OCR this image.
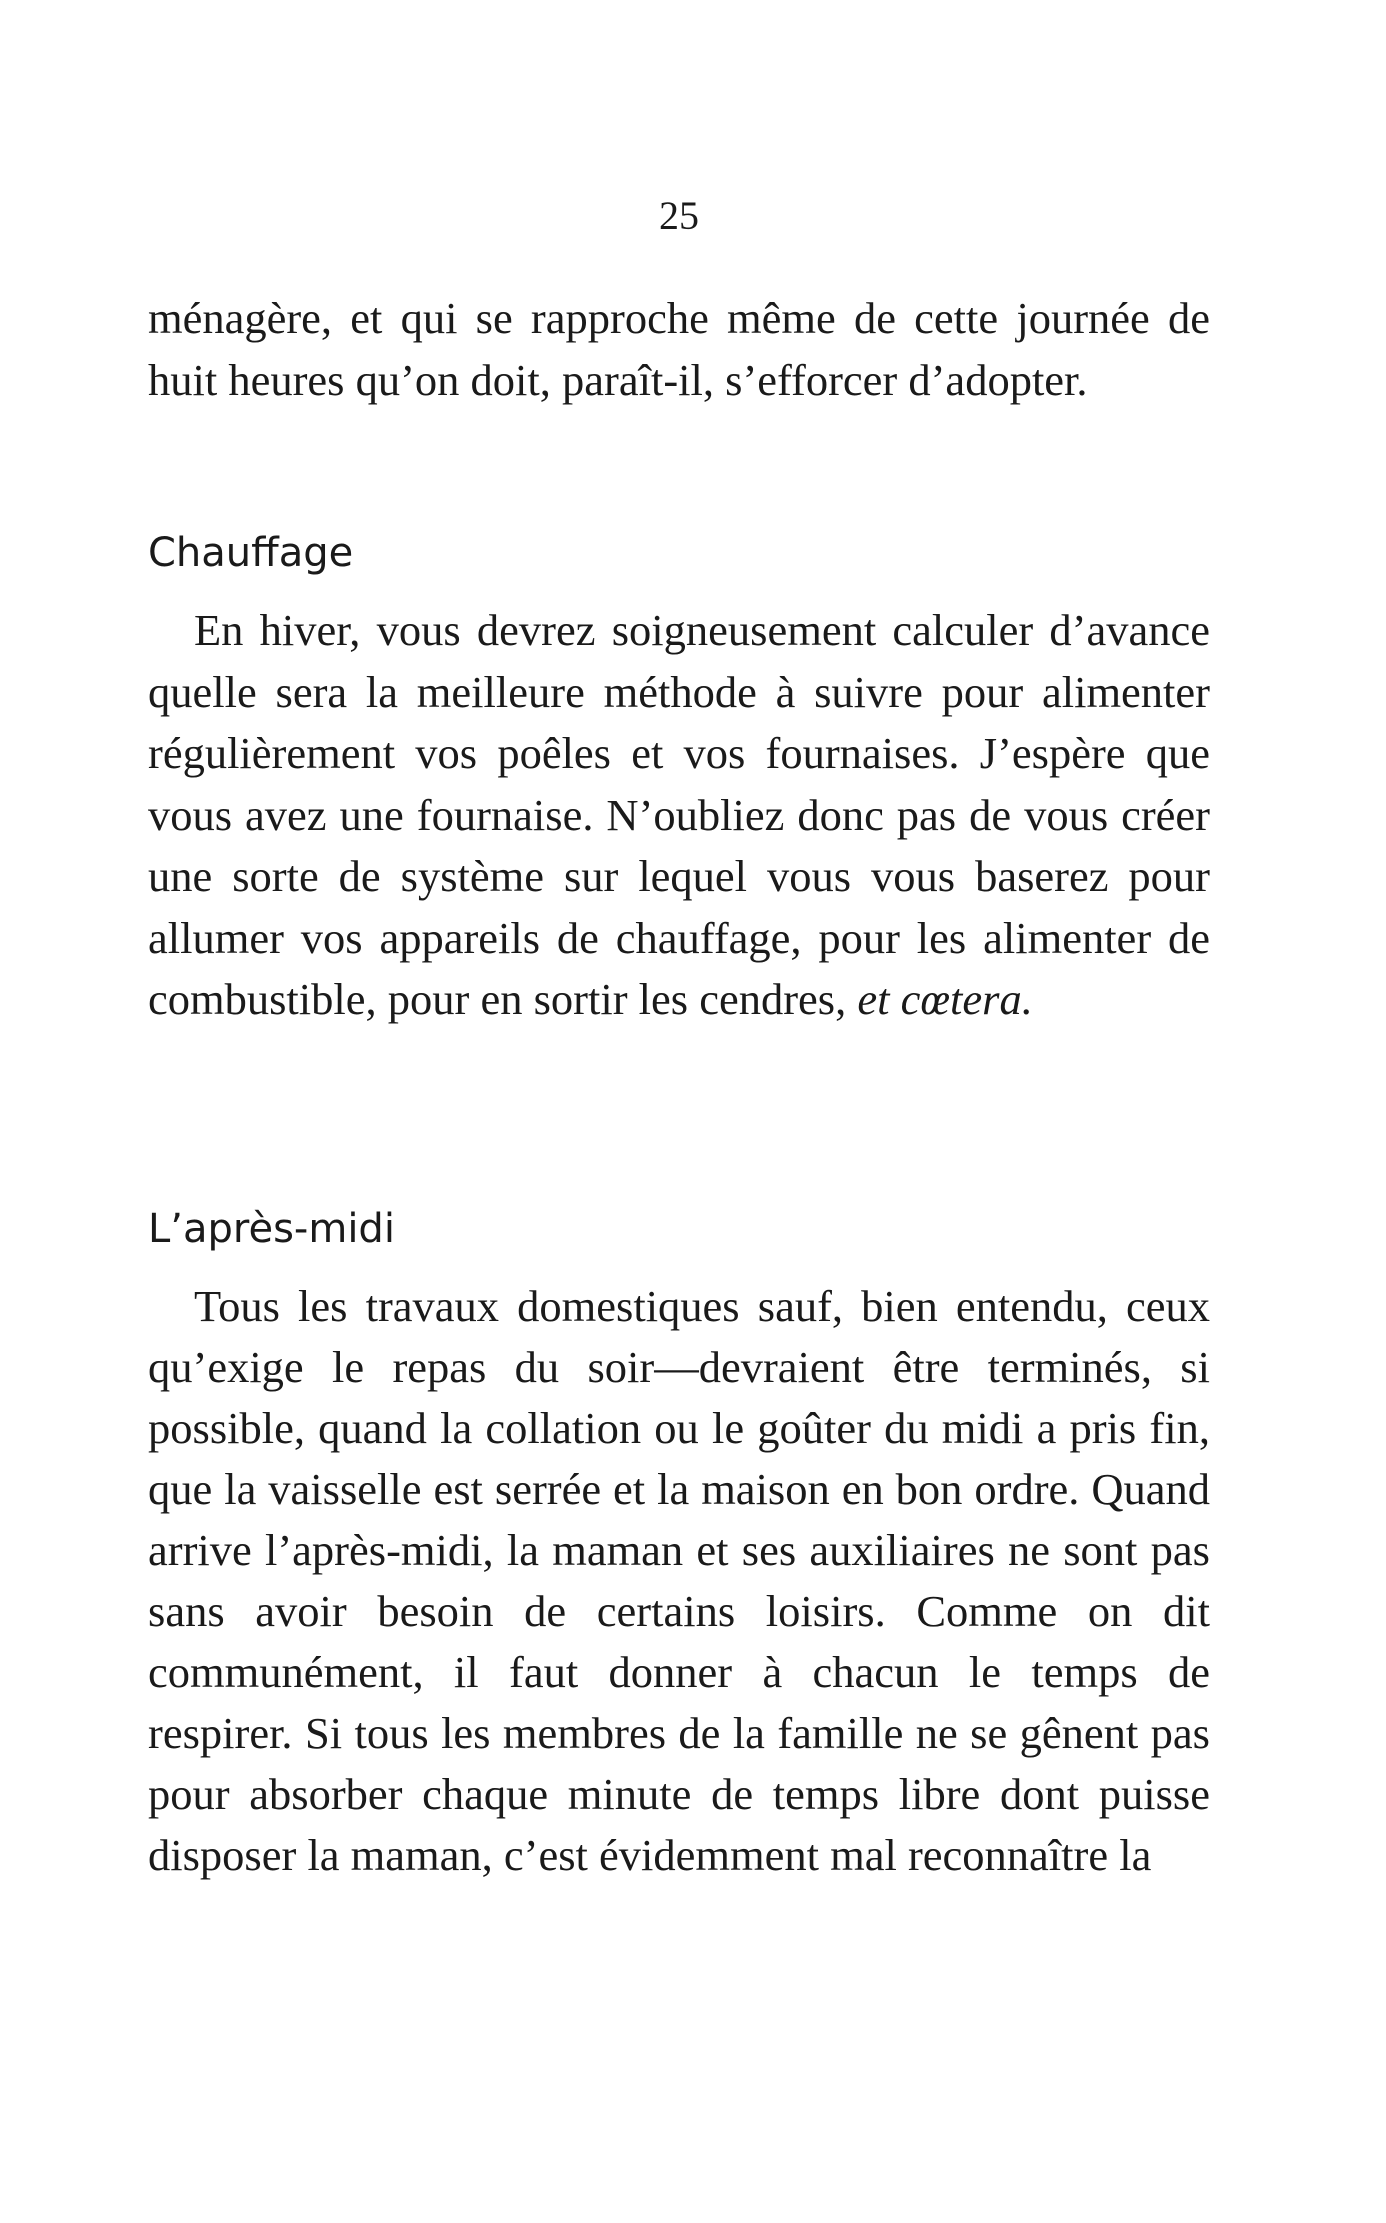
25

ménagère, et qui se rapproche même de cette journée de huit heures qu’on doit, paraît-il, s’efforcer d’adopter.

Chauffage

En hiver, vous devrez soigneusement calculer d’avance quelle sera la meilleure méthode à suivre pour alimenter régulièrement vos poêles et vos fournaises. J’espère que vous avez une fournaise. N’oubliez donc pas de vous créer une sorte de système sur lequel vous vous baserez pour allumer vos appareils de chauffage, pour les alimenter de combustible, pour en sortir les cendres, et cœtera.

L’après-midi

Tous les travaux domestiques sauf, bien entendu, ceux qu’exige le repas du soir—devraient être terminés, si possible, quand la collation ou le goûter du midi a pris fin, que la vaisselle est serrée et la maison en bon ordre. Quand arrive l’après-midi, la maman et ses auxiliaires ne sont pas sans avoir besoin de certains loisirs. Comme on dit communément, il faut donner à chacun le temps de respirer. Si tous les membres de la famille ne se gênent pas pour absorber chaque minute de temps libre dont puisse disposer la maman, c’est évidemment mal reconnaître la
